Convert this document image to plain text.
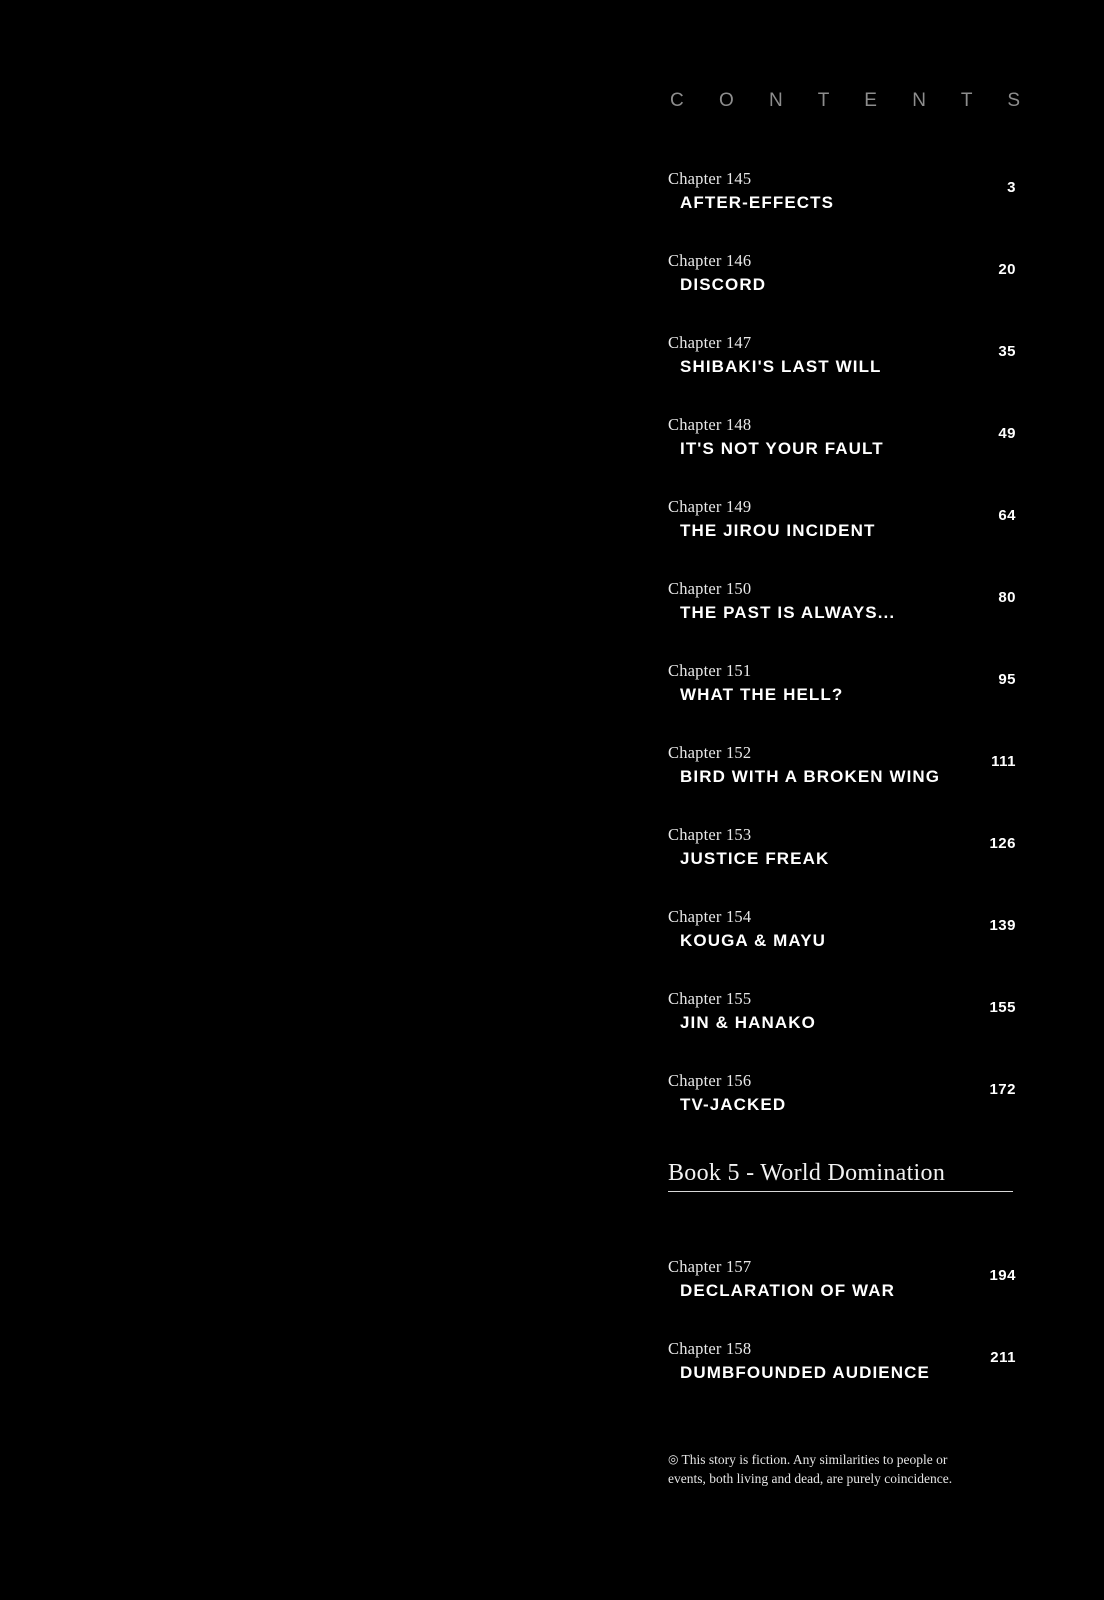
C O N T E N T S
Chapter 145
AFTER-EFFECTS
3
Chapter 146
DISCORD
20
Chapter 147
SHIBAKI'S LAST WILL
35
Chapter 148
IT'S NOT YOUR FAULT
49
Chapter 149
THE JIROU INCIDENT
64
Chapter 150
THE PAST IS ALWAYS...
80
Chapter 151
WHAT THE HELL?
95
Chapter 152
BIRD WITH A BROKEN WING
111
Chapter 153
JUSTICE FREAK
126
Chapter 154
KOUGA & MAYU
139
Chapter 155
JIN & HANAKO
155
Chapter 156
TV-JACKED
172
Book 5 - World Domination
Chapter 157
DECLARATION OF WAR
194
Chapter 158
DUMBFOUNDED AUDIENCE
211
◎ This story is fiction. Any similarities to people or events, both living and dead, are purely coincidence.
